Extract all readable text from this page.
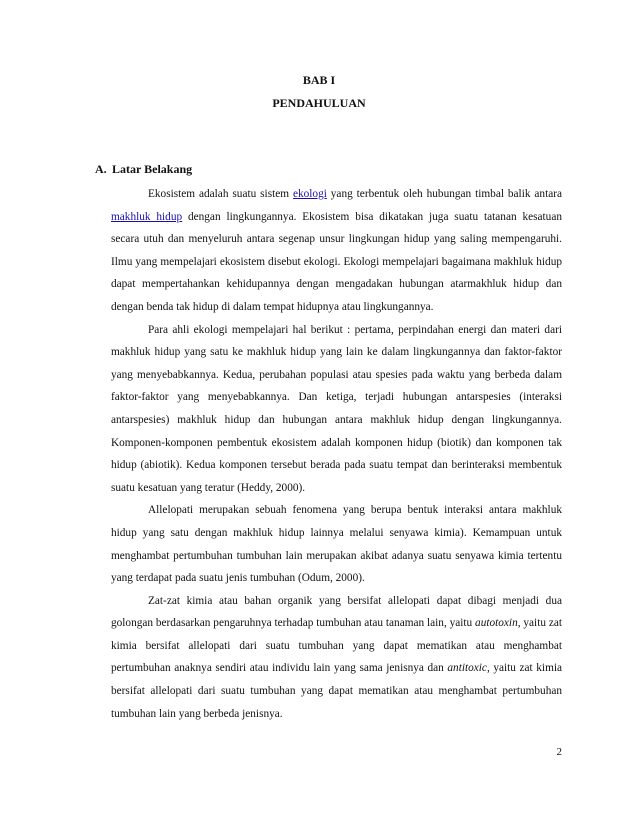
BAB I
PENDAHULUAN
A. Latar Belakang

Ekosistem adalah suatu sistem ekologi yang terbentuk oleh hubungan timbal balik antara makhluk hidup dengan lingkungannya. Ekosistem bisa dikatakan juga suatu tatanan kesatuan secara utuh dan menyeluruh antara segenap unsur lingkungan hidup yang saling mempengaruhi. Ilmu yang mempelajari ekosistem disebut ekologi. Ekologi mempelajari bagaimana makhluk hidup dapat mempertahankan kehidupannya dengan mengadakan hubungan atarmakhluk hidup dan dengan benda tak hidup di dalam tempat hidupnya atau lingkungannya.

Para ahli ekologi mempelajari hal berikut : pertama, perpindahan energi dan materi dari makhluk hidup yang satu ke makhluk hidup yang lain ke dalam lingkungannya dan faktor-faktor yang menyebabkannya. Kedua, perubahan populasi atau spesies pada waktu yang berbeda dalam faktor-faktor yang menyebabkannya. Dan ketiga, terjadi hubungan antarspesies (interaksi antarspesies) makhluk hidup dan hubungan antara makhluk hidup dengan lingkungannya. Komponen-komponen pembentuk ekosistem adalah komponen hidup (biotik) dan komponen tak hidup (abiotik). Kedua komponen tersebut berada pada suatu tempat dan berinteraksi membentuk suatu kesatuan yang teratur (Heddy, 2000).

Allelopati merupakan sebuah fenomena yang berupa bentuk interaksi antara makhluk hidup yang satu dengan makhluk hidup lainnya melalui senyawa kimia). Kemampuan untuk menghambat pertumbuhan tumbuhan lain merupakan akibat adanya suatu senyawa kimia tertentu yang terdapat pada suatu jenis tumbuhan (Odum, 2000).

Zat-zat kimia atau bahan organik yang bersifat allelopati dapat dibagi menjadi dua golongan berdasarkan pengaruhnya terhadap tumbuhan atau tanaman lain, yaitu autotoxin, yaitu zat kimia bersifat allelopati dari suatu tumbuhan yang dapat mematikan atau menghambat pertumbuhan anaknya sendiri atau individu lain yang sama jenisnya dan antitoxic, yaitu zat kimia bersifat allelopati dari suatu tumbuhan yang dapat mematikan atau menghambat pertumbuhan tumbuhan lain yang berbeda jenisnya.

2
